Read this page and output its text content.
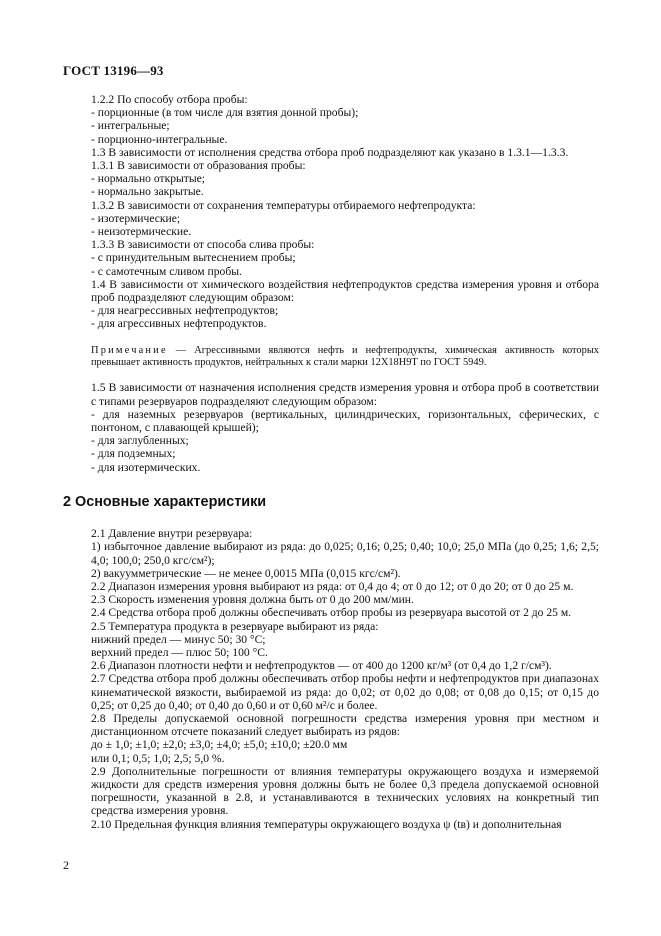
ГОСТ 13196—93

1.2.2 По способу отбора пробы:

- порционные (в том числе для взятия донной пробы);

- интегральные;

- порционно-интегральные.

1.3 В зависимости от исполнения средства отбора проб подразделяют как указано в 1.3.1—1.3.3.

1.3.1 В зависимости от образования пробы:

- нормально открытые;

- нормально закрытые.

1.3.2 В зависимости от сохранения температуры отбираемого нефтепродукта:

- изотермические;

- неизотермические.

1.3.3 В зависимости от способа слива пробы:

- с принудительным вытеснением пробы;

- с самотечным сливом пробы.

1.4 В зависимости от химического воздействия нефтепродуктов средства измерения уровня и отбора проб подразделяют следующим образом:

- для неагрессивных нефтепродуктов;

- для агрессивных нефтепродуктов.

Примечание — Агрессивными являются нефть и нефтепродукты, химическая активность которых превышает активность продуктов, нейтральных к стали марки 12Х18Н9Т по ГОСТ 5949.

1.5 В зависимости от назначения исполнения средств измерения уровня и отбора проб в соответствии с типами резервуаров подразделяют следующим образом:

- для наземных резервуаров (вертикальных, цилиндрических, горизонтальных, сферических, с понтоном, с плавающей крышей);

- для заглубленных;

- для подземных;

- для изотермических.

2 Основные характеристики

2.1 Давление внутри резервуара:

1) избыточное давление выбирают из ряда: до 0,025; 0,16; 0,25; 0,40; 10,0; 25,0 МПа (до 0,25; 1,6; 2,5; 4,0; 100,0; 250,0 кгс/см²);

2) вакуумметрические — не менее 0,0015 МПа (0,015 кгс/см²).

2.2 Диапазон измерения уровня выбирают из ряда: от 0,4 до 4; от 0 до 12; от 0 до 20; от 0 до 25 м.

2.3 Скорость изменения уровня должна быть от 0 до 200 мм/мин.

2.4 Средства отбора проб должны обеспечивать отбор пробы из резервуара высотой от 2 до 25 м.

2.5 Температура продукта в резервуаре выбирают из ряда:

нижний предел — минус 50; 30 °С;

верхний предел — плюс 50; 100 °С.

2.6 Диапазон плотности нефти и нефтепродуктов — от 400 до 1200 кг/м³ (от 0,4 до 1,2 г/см³).

2.7 Средства отбора проб должны обеспечивать отбор пробы нефти и нефтепродуктов при диапазонах кинематической вязкости, выбираемой из ряда: до 0,02; от 0,02 до 0,08; от 0,08 до 0,15; от 0,15 до 0,25; от 0,25 до 0,40; от 0,40 до 0,60 и от 0,60 м²/с и более.

2.8 Пределы допускаемой основной погрешности средства измерения уровня при местном и дистанционном отсчете показаний следует выбирать из рядов:

до ± 1,0; ±1,0; ±2,0; ±3,0; ±4,0; ±5,0; ±10,0; ±20.0 мм

или 0,1; 0,5; 1,0; 2,5; 5,0 %.

2.9 Дополнительные погрешности от влияния температуры окружающего воздуха и измеряемой жидкости для средств измерения уровня должны быть не более 0,3 предела допускаемой основной погрешности, указанной в 2.8, и устанавливаются в технических условиях на конкретный тип средства измерения уровня.

2.10 Предельная функция влияния температуры окружающего воздуха ψ (tв) и дополнительная

2
